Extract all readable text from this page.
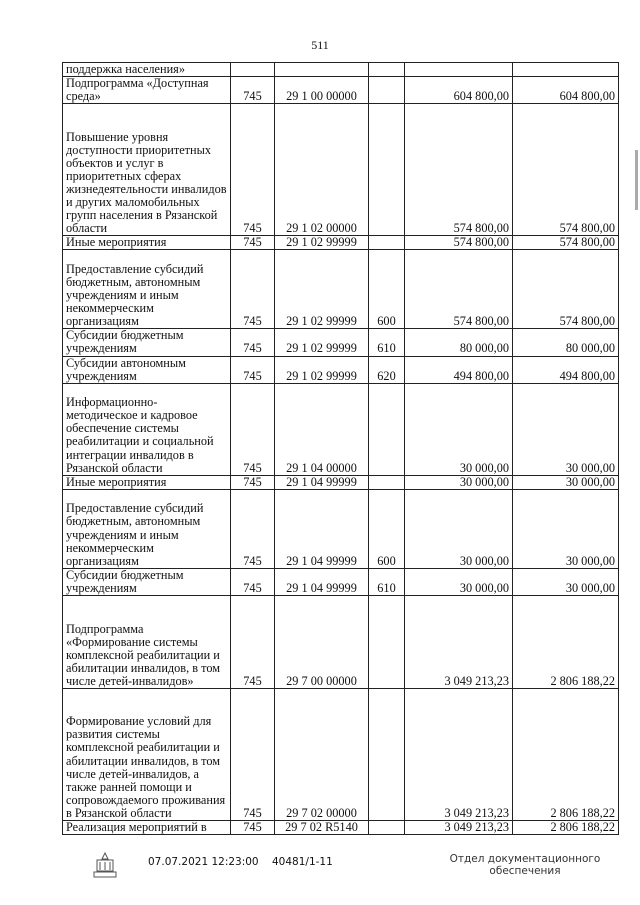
511
поддержка населения»					
Подпрограмма «Доступная среда»	745	29 1 00 00000		604 800,00	604 800,00
Повышение уровня доступности приоритетных объектов и услуг в приоритетных сферах жизнедеятельности инвалидов и других маломобильных групп населения в Рязанской области	745	29 1 02 00000		574 800,00	574 800,00
Иные мероприятия	745	29 1 02 99999		574 800,00	574 800,00
Предоставление субсидий бюджетным, автономным учреждениям и иным некоммерческим организациям	745	29 1 02 99999	600	574 800,00	574 800,00
Субсидии бюджетным учреждениям	745	29 1 02 99999	610	80 000,00	80 000,00
Субсидии автономным учреждениям	745	29 1 02 99999	620	494 800,00	494 800,00
Информационно-методическое и кадровое обеспечение системы реабилитации и социальной интеграции инвалидов в Рязанской области	745	29 1 04 00000		30 000,00	30 000,00
Иные мероприятия	745	29 1 04 99999		30 000,00	30 000,00
Предоставление субсидий бюджетным, автономным учреждениям и иным некоммерческим организациям	745	29 1 04 99999	600	30 000,00	30 000,00
Субсидии бюджетным учреждениям	745	29 1 04 99999	610	30 000,00	30 000,00
Подпрограмма «Формирование системы комплексной реабилитации и абилитации инвалидов, в том числе детей-инвалидов»	745	29 7 00 00000		3 049 213,23	2 806 188,22
Формирование условий для развития системы комплексной реабилитации и абилитации инвалидов, в том числе детей-инвалидов, а также ранней помощи и сопровождаемого проживания в Рязанской области	745	29 7 02 00000		3 049 213,23	2 806 188,22
Реализация мероприятий в	745	29 7 02 R5140		3 049 213,23	2 806 188,22
07.07.2021 12:23:00 40481/1-11	Отдел документационного обеспечения
